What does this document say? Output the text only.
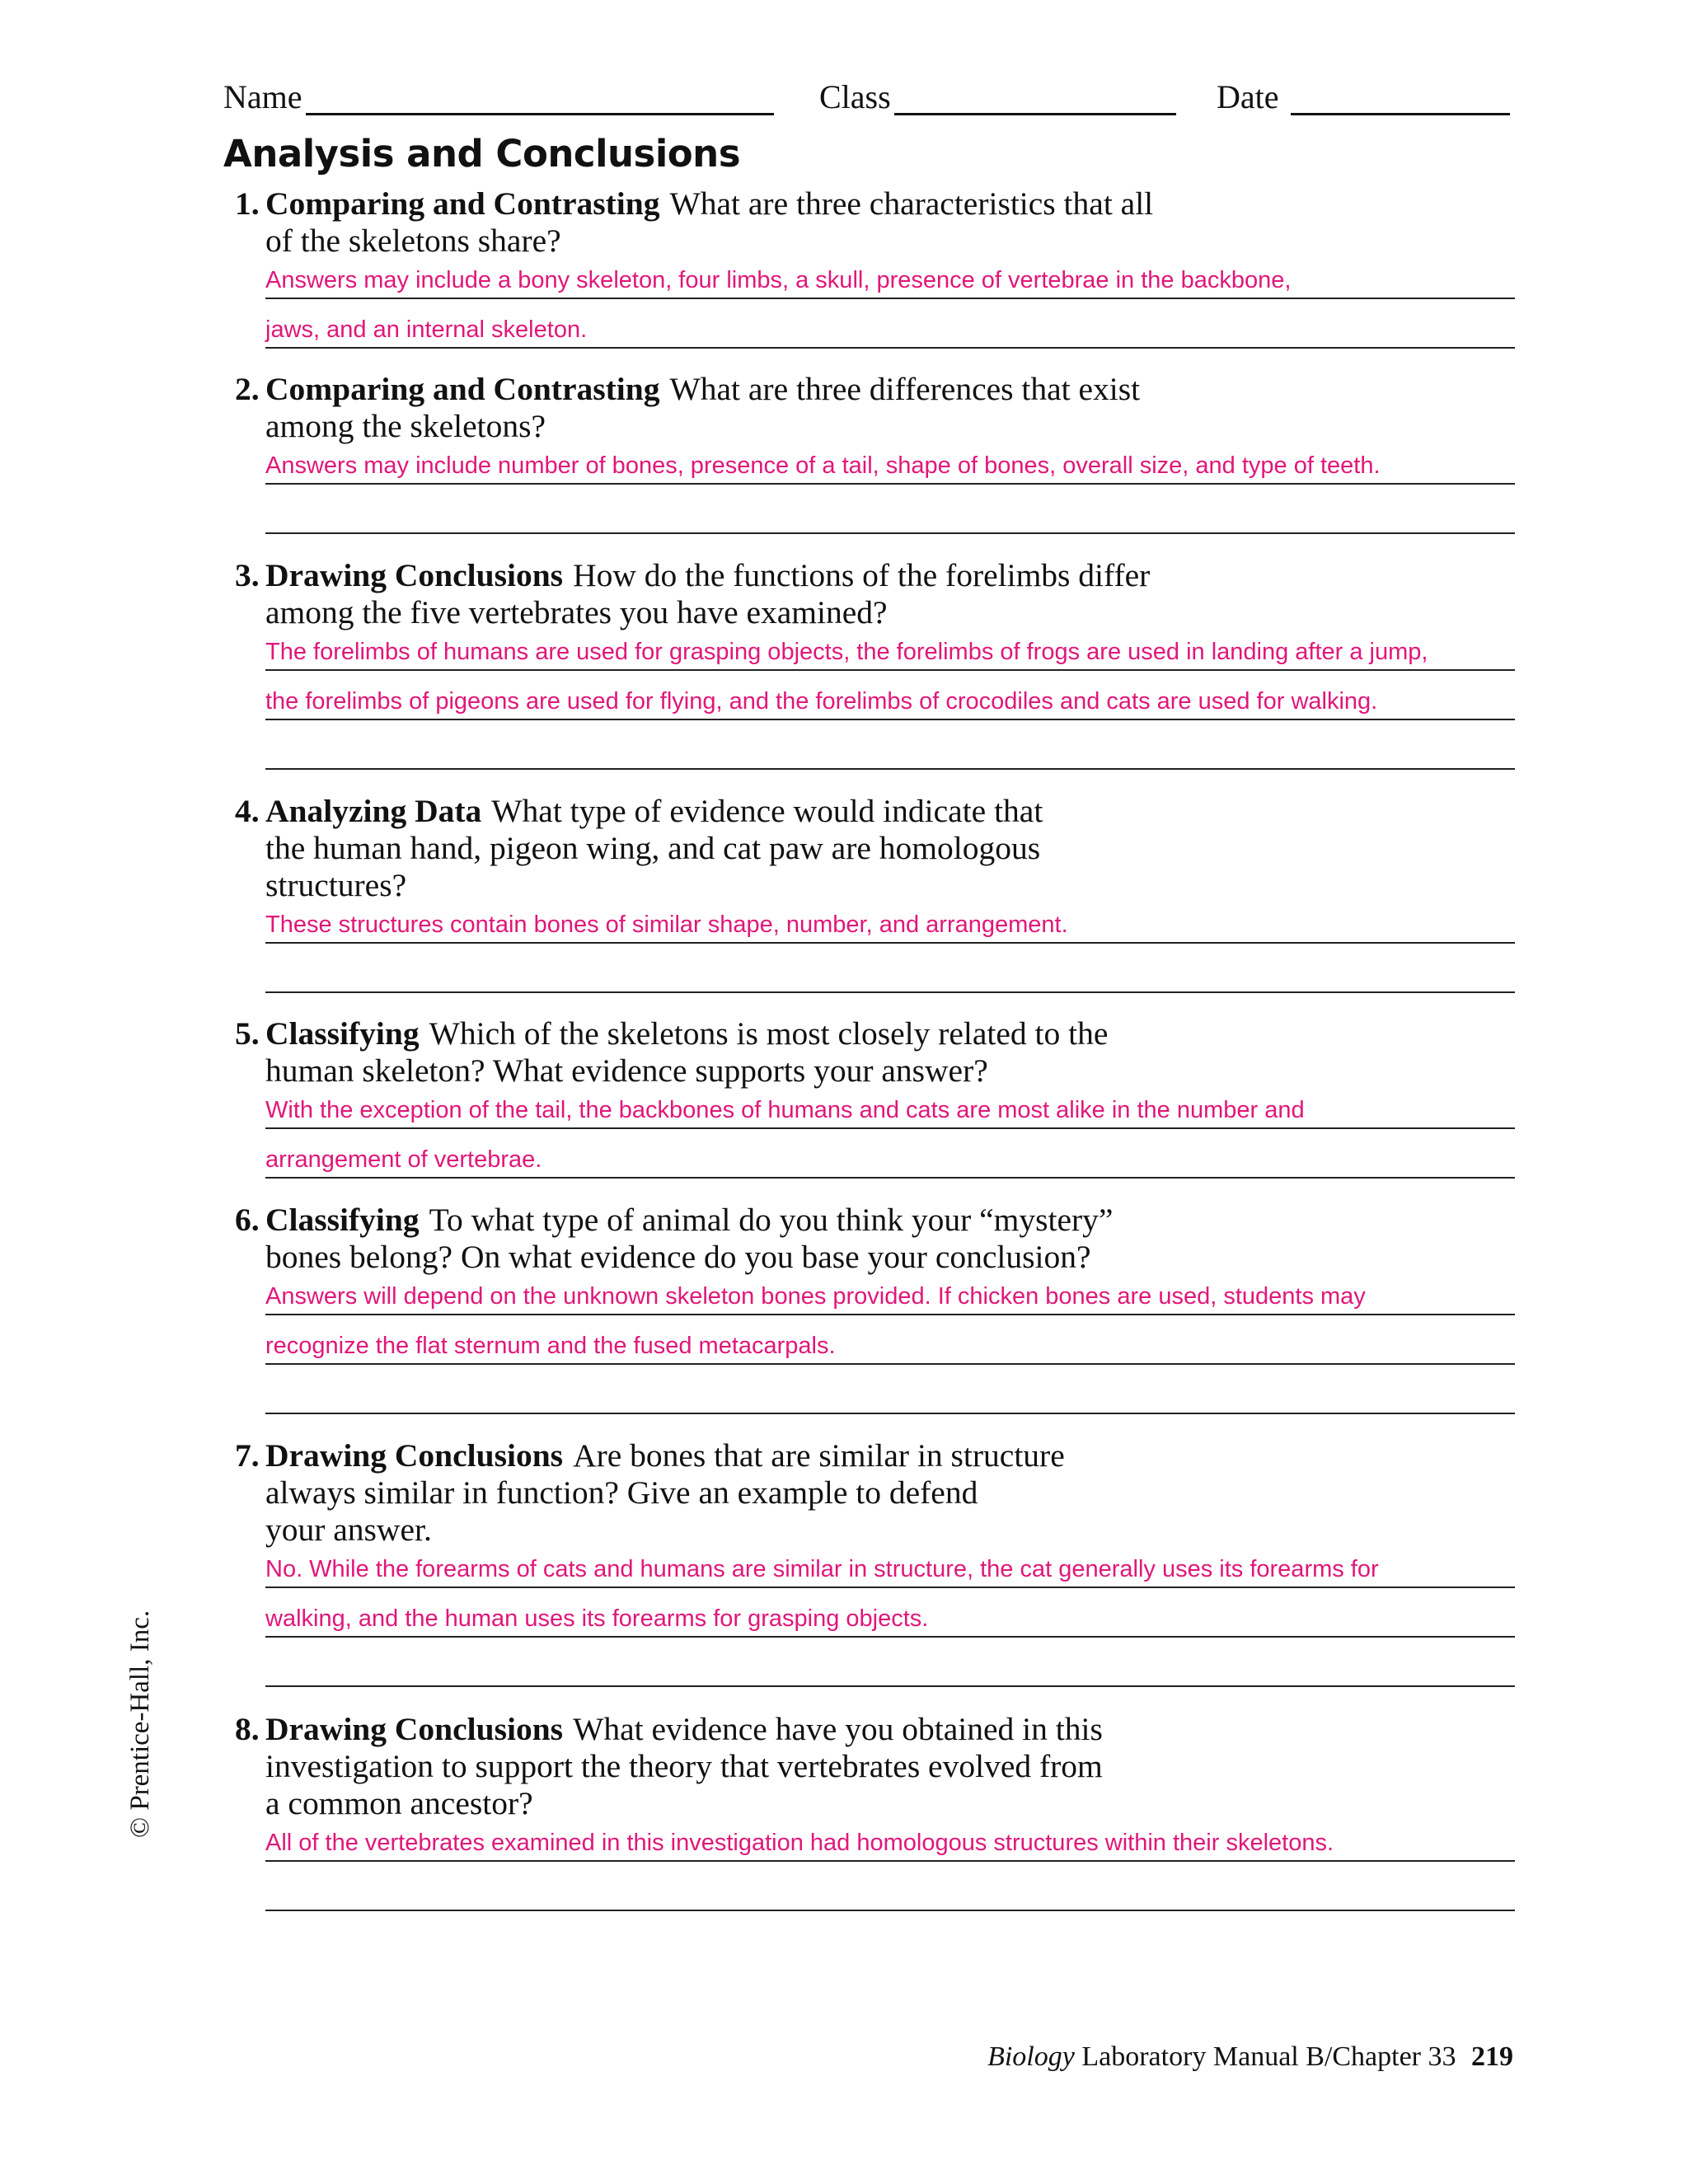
Name	Class	Date
Analysis and Conclusions
1. Comparing and Contrasting What are three characteristics that all
of the skeletons share?
Answers may include a bony skeleton, four limbs, a skull, presence of vertebrae in the backbone,
jaws, and an internal skeleton.
2. Comparing and Contrasting What are three differences that exist
among the skeletons?
Answers may include number of bones, presence of a tail, shape of bones, overall size, and type of teeth.
3. Drawing Conclusions How do the functions of the forelimbs differ
among the five vertebrates you have examined?
The forelimbs of humans are used for grasping objects, the forelimbs of frogs are used in landing after a jump,
the forelimbs of pigeons are used for flying, and the forelimbs of crocodiles and cats are used for walking.
4. Analyzing Data What type of evidence would indicate that
the human hand, pigeon wing, and cat paw are homologous
structures?
These structures contain bones of similar shape, number, and arrangement.
5. Classifying Which of the skeletons is most closely related to the
human skeleton? What evidence supports your answer?
With the exception of the tail, the backbones of humans and cats are most alike in the number and
arrangement of vertebrae.
6. Classifying To what type of animal do you think your “mystery”
bones belong? On what evidence do you base your conclusion?
Answers will depend on the unknown skeleton bones provided. If chicken bones are used, students may
recognize the flat sternum and the fused metacarpals.
7. Drawing Conclusions Are bones that are similar in structure
always similar in function? Give an example to defend
your answer.
No. While the forearms of cats and humans are similar in structure, the cat generally uses its forearms for
walking, and the human uses its forearms for grasping objects.
8. Drawing Conclusions What evidence have you obtained in this
investigation to support the theory that vertebrates evolved from
a common ancestor?
All of the vertebrates examined in this investigation had homologous structures within their skeletons.
© Prentice-Hall, Inc.
Biology Laboratory Manual B/Chapter 33 219
